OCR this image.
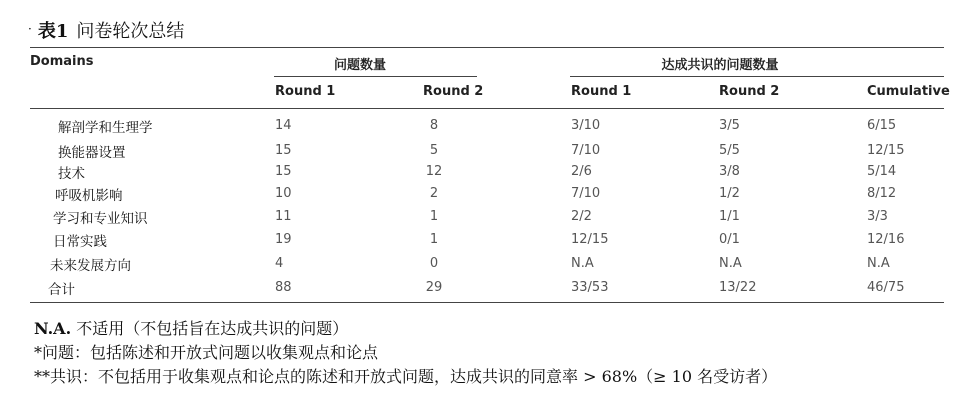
· 表1 问卷轮次总结
Domains	问题数量	达成共识的问题数量
Round 1	Round 2	Round 1	Round 2	Cumulative
解剖学和生理学	14	8	3/10	3/5	6/15
换能器设置	15	5	7/10	5/5	12/15
技术	15	12	2/6	3/8	5/14
呼吸机影响	10	2	7/10	1/2	8/12
学习和专业知识	11	1	2/2	1/1	3/3
日常实践	19	1	12/15	0/1	12/16
未来发展方向	4	0	N.A	N.A	N.A
合计	88	29	33/53	13/22	46/75
N.A. 不适用（不包括旨在达成共识的问题）
*问题：包括陈述和开放式问题以收集观点和论点
**共识：不包括用于收集观点和论点的陈述和开放式问题，达成共识的同意率 > 68%（≥ 10 名受访者）
